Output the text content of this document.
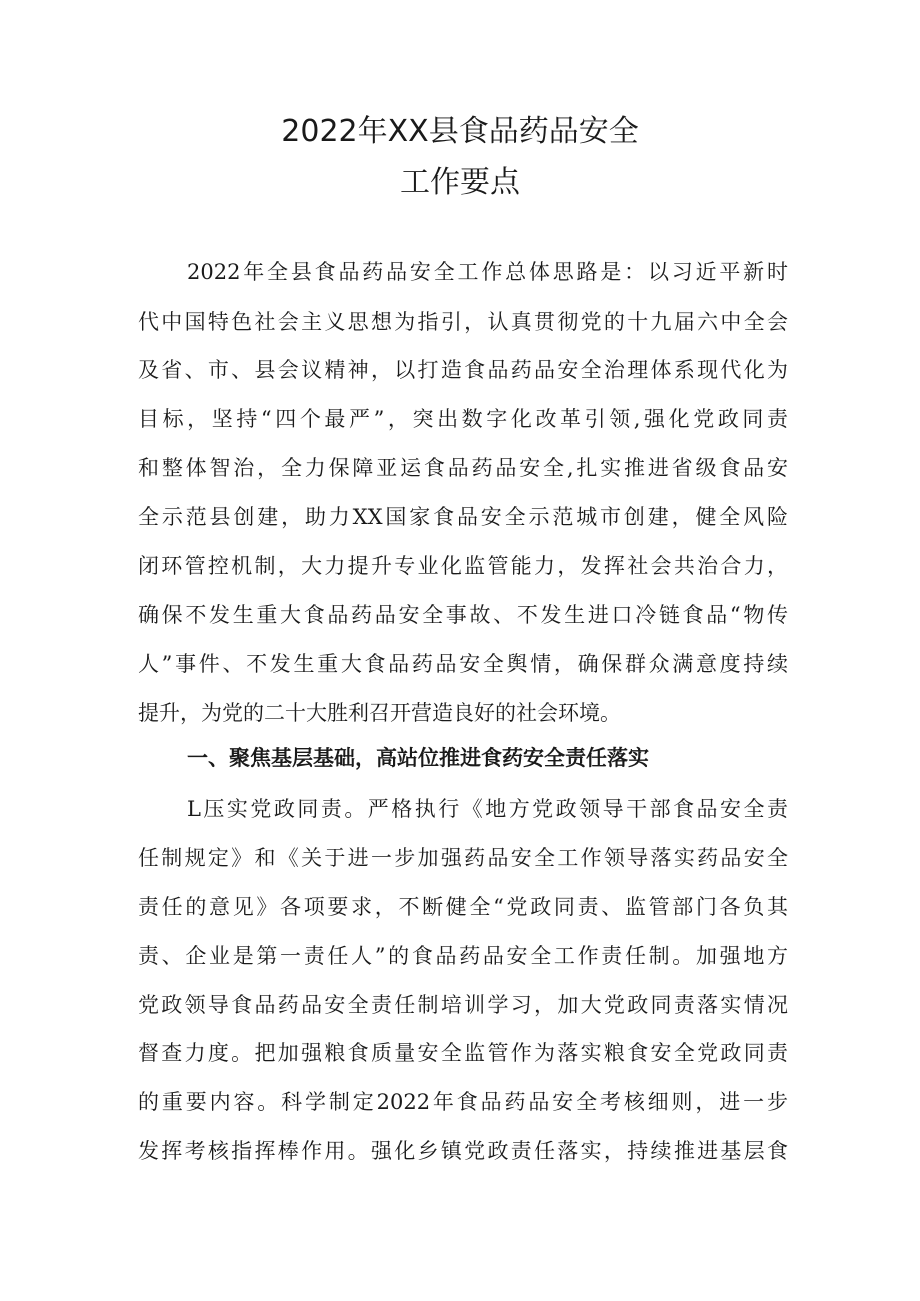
2022年XX县食品药品安全
工作要点
2022年全县食品药品安全工作总体思路是：以习近平新时
代中国特色社会主义思想为指引，认真贯彻党的十九届六中全会
及省、市、县会议精神，以打造食品药品安全治理体系现代化为
目标，坚持“四个最严”，突出数字化改革引领,强化党政同责
和整体智治，全力保障亚运食品药品安全,扎实推进省级食品安
全示范县创建，助力XX国家食品安全示范城市创建，健全风险
闭环管控机制，大力提升专业化监管能力，发挥社会共治合力，
确保不发生重大食品药品安全事故、不发生进口冷链食品“物传
人”事件、不发生重大食品药品安全舆情，确保群众满意度持续
提升，为党的二十大胜利召开营造良好的社会环境。
一、聚焦基层基础，高站位推进食药安全责任落实
L压实党政同责。严格执行《地方党政领导干部食品安全责
任制规定》和《关于进一步加强药品安全工作领导落实药品安全
责任的意见》各项要求，不断健全“党政同责、监管部门各负其
责、企业是第一责任人”的食品药品安全工作责任制。加强地方
党政领导食品药品安全责任制培训学习，加大党政同责落实情况
督查力度。把加强粮食质量安全监管作为落实粮食安全党政同责
的重要内容。科学制定2022年食品药品安全考核细则，进一步
发挥考核指挥棒作用。强化乡镇党政责任落实，持续推进基层食
